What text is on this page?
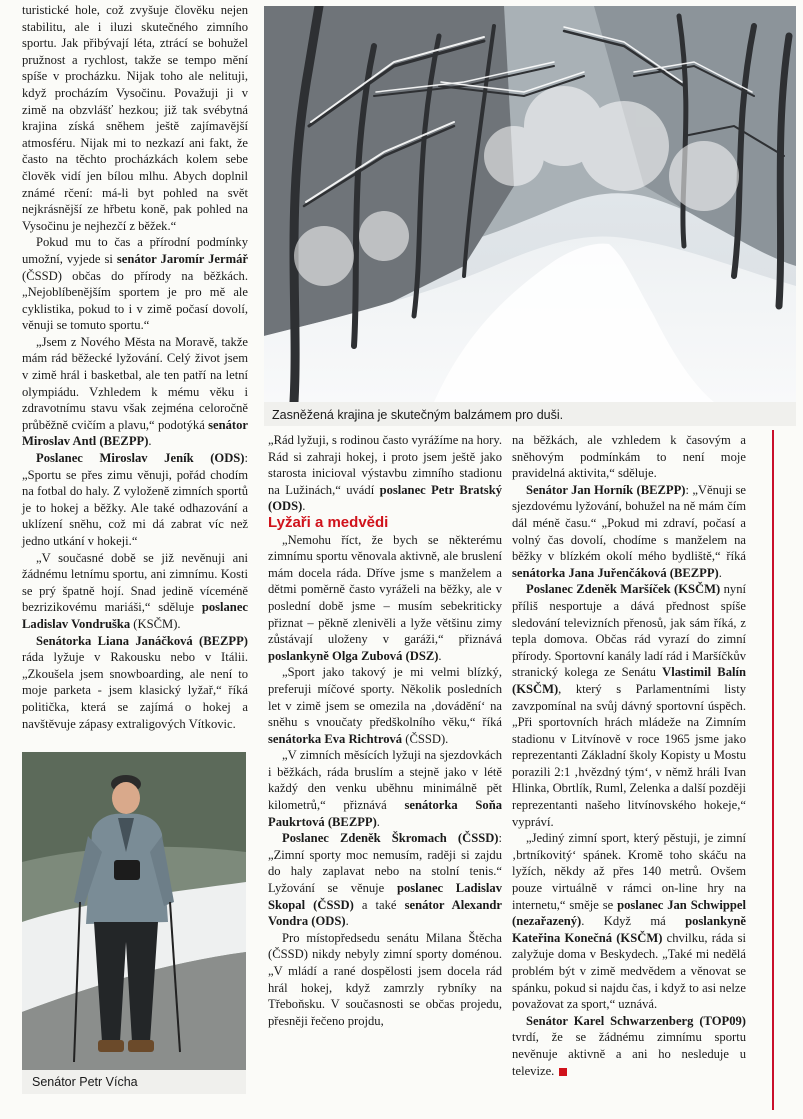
turistické hole, což zvyšuje člověku nejen stabilitu, ale i iluzi skutečného zimního sportu. Jak přibývají léta, ztrácí se bohužel pružnost a rychlost, takže se tempo mění spíše v procházku. Nijak toho ale nelituji, když procházím Vysočinu. Považuji ji v zimě na obzvlášť hezkou; již tak svébytná krajina získá sněhem ještě zajímavější atmosféru. Nijak mi to nezkazí ani fakt, že často na těchto procházkách kolem sebe člověk vidí jen bílou mlhu. Abych doplnil známé rčení: má-li byt pohled na svět nejkrásnější ze hřbetu koně, pak pohled na Vysočinu je nejhezčí z běžek.“

Pokud mu to čas a přírodní podmínky umožní, vyjede si senátor Jaromír Jermář (ČSSD) občas do přírody na běžkách. „Nejoblíbenějším sportem je pro mě ale cyklistika, pokud to i v zimě počasí dovolí, věnuji se tomuto sportu.“

„Jsem z Nového Města na Moravě, takže mám rád běžecké lyžování. Celý život jsem v zimě hrál i basketbal, ale ten patří na letní olympiádu. Vzhledem k mému věku i zdravotnímu stavu však zejména celoročně průběžně cvičím a plavu,“ podotýká senátor Miroslav Antl (BEZPP).

Poslanec Miroslav Jeník (ODS): „Sportu se přes zimu věnuji, pořád chodím na fotbal do haly. Z vyloženě zimních sportů je to hokej a běžky. Ale také odhazování a uklízení sněhu, což mi dá zabrat víc než jedno utkání v hokeji.“

„V současné době se již nevěnuji ani žádnému letnímu sportu, ani zimnímu. Kosti se prý špatně hojí. Snad jedině víceméně bezrizikovému mariáši,“ sděluje poslanec Ladislav Vondruška (KSČM).

Senátorka Liana Janáčková (BEZPP) ráda lyžuje v Rakousku nebo v Itálii. „Zkoušela jsem snowboarding, ale není to moje parketa - jsem klasický lyžař,“ říká politička, která se zajímá o hokej a navštěvuje zápasy extraligových Vítkovic.

Zasněžená krajina je skutečným balzámem pro duši.
Senátor Petr Vícha

„Rád lyžuji, s rodinou často vyrážíme na hory. Rád si zahraji hokej, i proto jsem ještě jako starosta inicioval výstavbu zimního stadionu na Lužinách,“ uvádí poslanec Petr Bratský (ODS).

Lyžaři a medvědi

„Nemohu říct, že bych se některému zimnímu sportu věnovala aktivně, ale bruslení mám docela ráda. Dříve jsme s manželem a dětmi poměrně často vyráželi na běžky, ale v poslední době jsme – musím sebekriticky přiznat – pěkně zlenivěli a lyže většinu zimy zůstávají uloženy v garáži,“ přiznává poslankyně Olga Zubová (DSZ).

„Sport jako takový je mi velmi blízký, preferuji míčové sporty. Několik posledních let v zimě jsem se omezila na ‚dovádění‘ na sněhu s vnoučaty předškolního věku,“ říká senátorka Eva Richtrová (ČSSD).

„V zimních měsících lyžuji na sjezdovkách i běžkách, ráda bruslím a stejně jako v létě každý den venku uběhnu minimálně pět kilometrů,“ přiznává senátorka Soňa Paukrtová (BEZPP).

Poslanec Zdeněk Škromach (ČSSD): „Zimní sporty moc nemusím, raději si zajdu do haly zaplavat nebo na stolní tenis.“ Lyžování se věnuje poslanec Ladislav Skopal (ČSSD) a také senátor Alexandr Vondra (ODS).

Pro místopředsedu senátu Milana Štěcha (ČSSD) nikdy nebyly zimní sporty doménou. „V mládí a rané dospělosti jsem docela rád hrál hokej, když zamrzly rybníky na Třeboňsku. V současnosti se občas projedu, přesněji řečeno projdu,

na běžkách, ale vzhledem k časovým a sněhovým podmínkám to není moje pravidelná aktivita,“ sděluje.

Senátor Jan Horník (BEZPP): „Věnuji se sjezdovému lyžování, bohužel na ně mám čím dál méně času.“ „Pokud mi zdraví, počasí a volný čas dovolí, chodíme s manželem na běžky v blízkém okolí mého bydliště,“ říká senátorka Jana Juřenčáková (BEZPP).

Poslanec Zdeněk Maršíček (KSČM) nyní příliš nesportuje a dává přednost spíše sledování televizních přenosů, jak sám říká, z tepla domova. Občas rád vyrazí do zimní přírody. Sportovní kanály ladí rád i Maršíčkův stranický kolega ze Senátu Vlastimil Balín (KSČM), který s Parlamentními listy zavzpomínal na svůj dávný sportovní úspěch. „Při sportovních hrách mládeže na Zimním stadionu v Litvínově v roce 1965 jsme jako reprezentanti Základní školy Kopisty u Mostu porazili 2:1 ‚hvězdný tým‘, v němž hráli Ivan Hlinka, Obrtlík, Ruml, Zelenka a další později reprezentanti našeho litvínovského hokeje,“ vypráví.

„Jediný zimní sport, který pěstuji, je zimní ‚brtníkovitý‘ spánek. Kromě toho skáču na lyžích, někdy až přes 140 metrů. Ovšem pouze virtuálně v rámci on-line hry na internetu,“ směje se poslanec Jan Schwippel (nezařazený). Když má poslankyně Kateřina Konečná (KSČM) chvilku, ráda si zalyžuje doma v Beskydech. „Také mi nedělá problém být v zimě medvědem a věnovat se spánku, pokud si najdu čas, i když to asi nelze považovat za sport,“ uznává.

Senátor Karel Schwarzenberg (TOP09) tvrdí, že se žádnému zimnímu sportu nevěnuje aktivně a ani ho nesleduje u televize.
